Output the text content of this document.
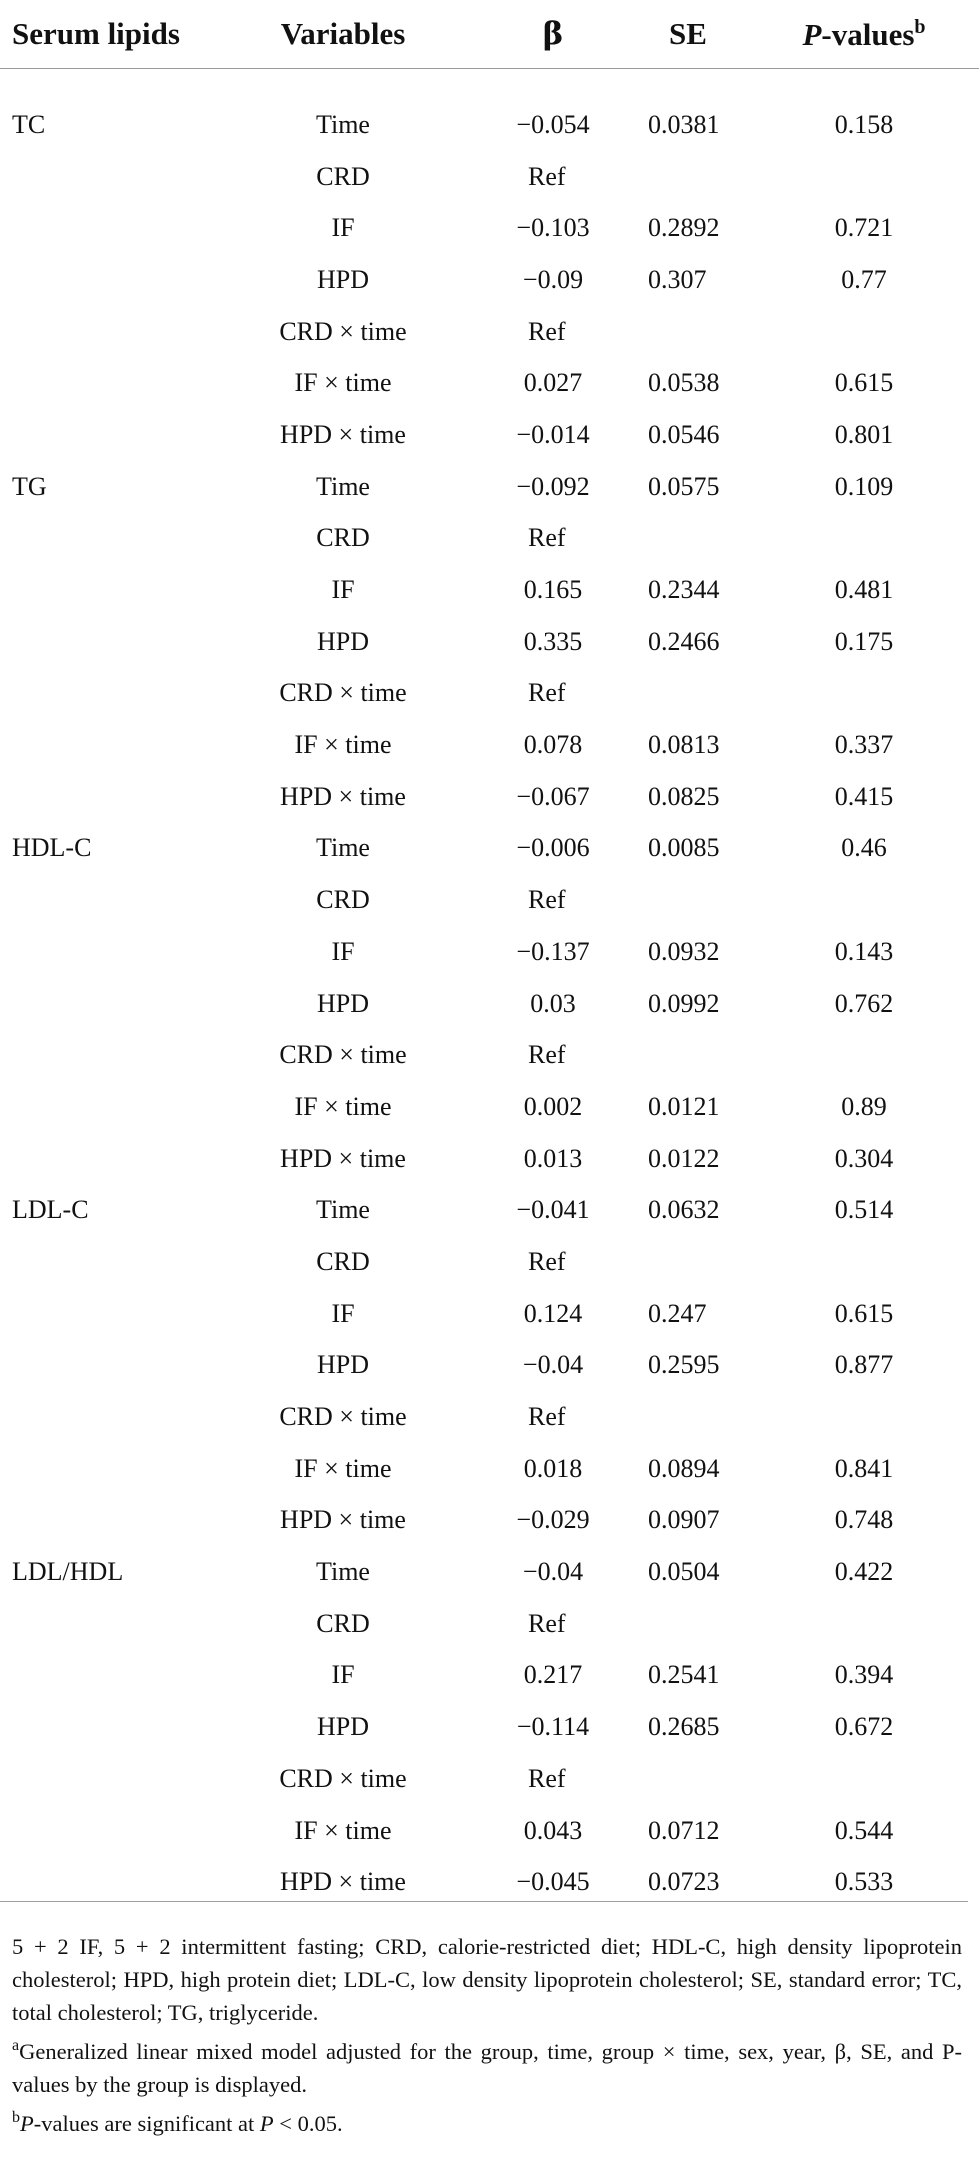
Serum lipids	Variables	β	SE	P-values$^b$
TC	Time	−0.054	0.0381	0.158
	CRD	Ref		
	IF	−0.103	0.2892	0.721
	HPD	−0.09	0.307	0.77
	CRD × time	Ref		
	IF × time	0.027	0.0538	0.615
	HPD × time	−0.014	0.0546	0.801
TG	Time	−0.092	0.0575	0.109
	CRD	Ref		
	IF	0.165	0.2344	0.481
	HPD	0.335	0.2466	0.175
	CRD × time	Ref		
	IF × time	0.078	0.0813	0.337
	HPD × time	−0.067	0.0825	0.415
HDL-C	Time	−0.006	0.0085	0.46
	CRD	Ref		
	IF	−0.137	0.0932	0.143
	HPD	0.03	0.0992	0.762
	CRD × time	Ref		
	IF × time	0.002	0.0121	0.89
	HPD × time	0.013	0.0122	0.304
LDL-C	Time	−0.041	0.0632	0.514
	CRD	Ref		
	IF	0.124	0.247	0.615
	HPD	−0.04	0.2595	0.877
	CRD × time	Ref		
	IF × time	0.018	0.0894	0.841
	HPD × time	−0.029	0.0907	0.748
LDL/HDL	Time	−0.04	0.0504	0.422
	CRD	Ref		
	IF	0.217	0.2541	0.394
	HPD	−0.114	0.2685	0.672
	CRD × time	Ref		
	IF × time	0.043	0.0712	0.544
	HPD × time	−0.045	0.0723	0.533

5 + 2 IF, 5 + 2 intermittent fasting; CRD, calorie-restricted diet; HDL-C, high density lipoprotein cholesterol; HPD, high protein diet; LDL-C, low density lipoprotein cholesterol; SE, standard error; TC, total cholesterol; TG, triglyceride.

$^a$Generalized linear mixed model adjusted for the group, time, group × time, sex, year, β, SE, and P-values by the group is displayed.

$^b$P-values are significant at P < 0.05.
